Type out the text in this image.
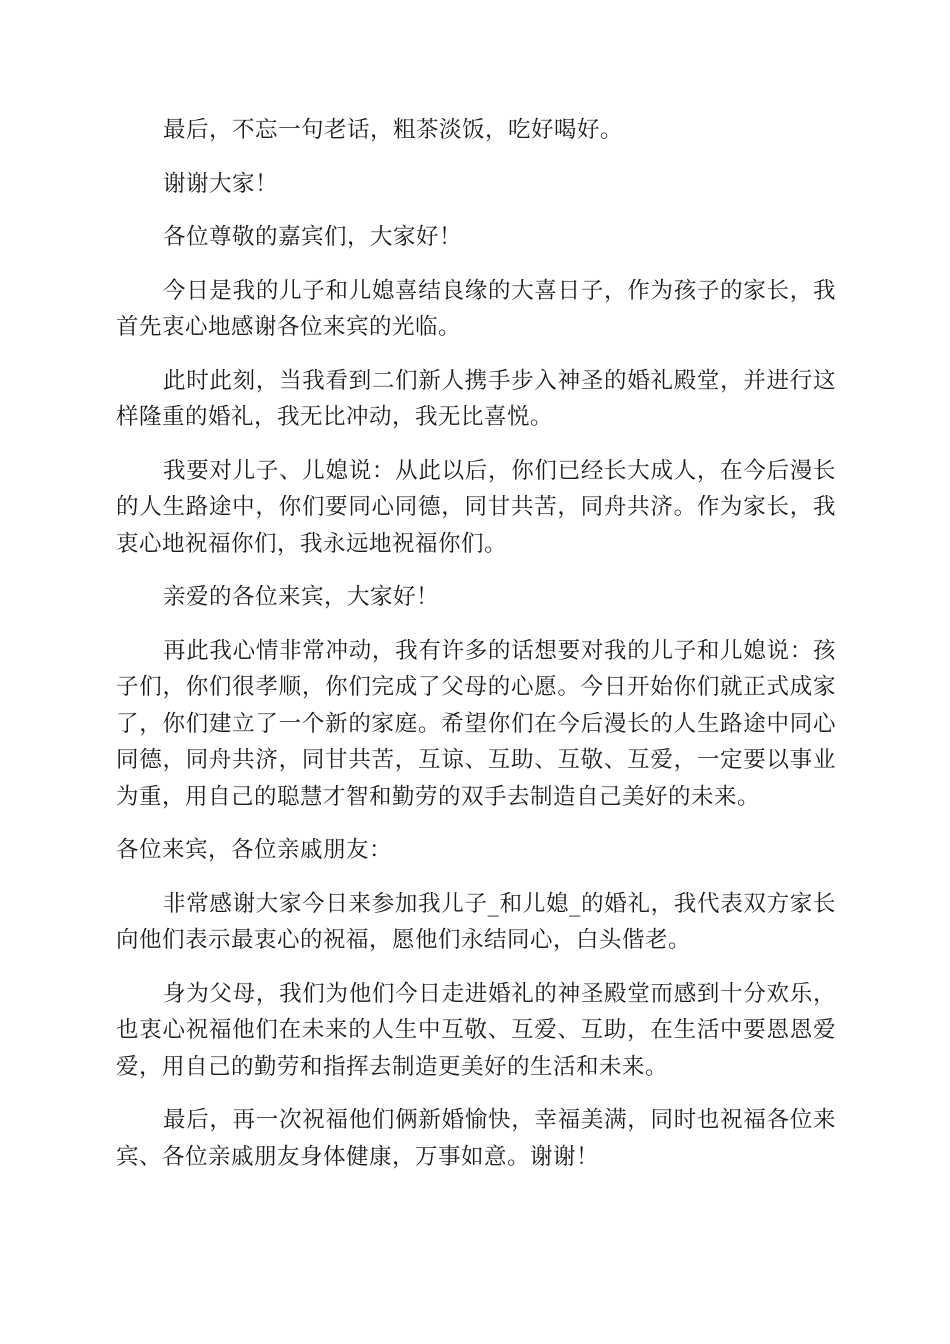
最后，不忘一句老话，粗茶淡饭，吃好喝好。

谢谢大家！

各位尊敬的嘉宾们，大家好！

今日是我的儿子和儿媳喜结良缘的大喜日子，作为孩子的家长，我首先衷心地感谢各位来宾的光临。

此时此刻，当我看到二们新人携手步入神圣的婚礼殿堂，并进行这样隆重的婚礼，我无比冲动，我无比喜悦。

我要对儿子、儿媳说：从此以后，你们已经长大成人，在今后漫长的人生路途中，你们要同心同德，同甘共苦，同舟共济。作为家长，我衷心地祝福你们，我永远地祝福你们。

亲爱的各位来宾，大家好！

再此我心情非常冲动，我有许多的话想要对我的儿子和儿媳说：孩子们，你们很孝顺，你们完成了父母的心愿。今日开始你们就正式成家了，你们建立了一个新的家庭。希望你们在今后漫长的人生路途中同心同德，同舟共济，同甘共苦，互谅、互助、互敬、互爱，一定要以事业为重，用自己的聪慧才智和勤劳的双手去制造自己美好的未来。

各位来宾，各位亲戚朋友：

非常感谢大家今日来参加我儿子_和儿媳_的婚礼，我代表双方家长向他们表示最衷心的祝福，愿他们永结同心，白头偕老。

身为父母，我们为他们今日走进婚礼的神圣殿堂而感到十分欢乐，也衷心祝福他们在未来的人生中互敬、互爱、互助，在生活中要恩恩爱爱，用自己的勤劳和指挥去制造更美好的生活和未来。

最后，再一次祝福他们俩新婚愉快，幸福美满，同时也祝福各位来宾、各位亲戚朋友身体健康，万事如意。谢谢！
